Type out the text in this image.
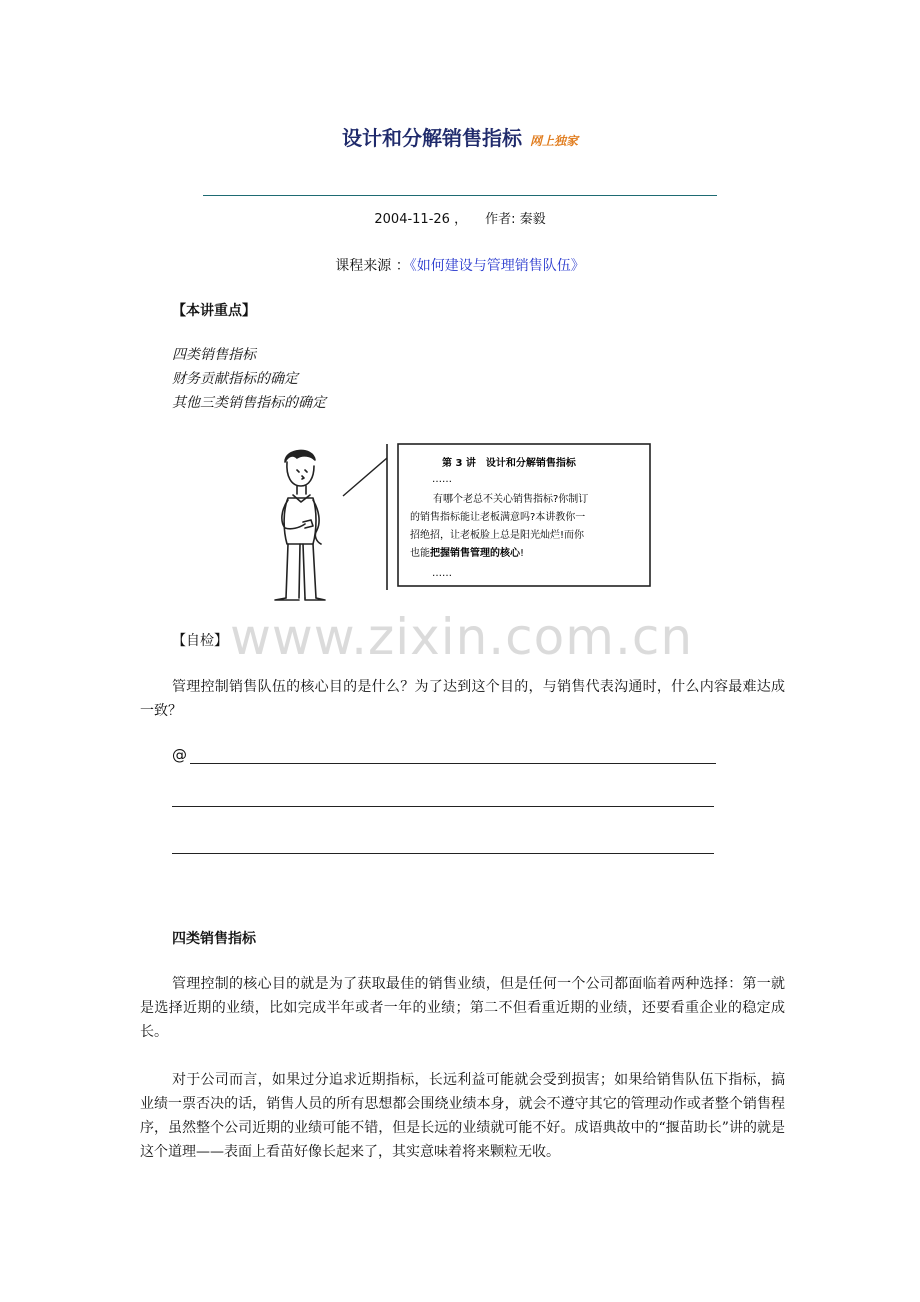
设计和分解销售指标 网上独家
2004-11-26 ， 作者: 秦毅
课程来源 ：《如何建设与管理销售队伍》
【本讲重点】
四类销售指标
财务贡献指标的确定
其他三类销售指标的确定
第 3 讲　设计和分解销售指标
……
有哪个老总不关心销售指标?你制订
的销售指标能让老板满意吗?本讲教你一
招绝招，让老板脸上总是阳光灿烂!而你
也能把握销售管理的核心!
……
www.zixin.com.cn
【自检】
管理控制销售队伍的核心目的是什么？为了达到这个目的，与销售代表沟通时，什么内容最难达成一致？
@
四类销售指标
管理控制的核心目的就是为了获取最佳的销售业绩，但是任何一个公司都面临着两种选择：第一就是选择近期的业绩，比如完成半年或者一年的业绩；第二不但看重近期的业绩，还要看重企业的稳定成长。
对于公司而言，如果过分追求近期指标，长远利益可能就会受到损害；如果给销售队伍下指标，搞业绩一票否决的话，销售人员的所有思想都会围绕业绩本身，就会不遵守其它的管理动作或者整个销售程序，虽然整个公司近期的业绩可能不错，但是长远的业绩就可能不好。成语典故中的“揠苗助长”讲的就是这个道理——表面上看苗好像长起来了，其实意味着将来颗粒无收。
